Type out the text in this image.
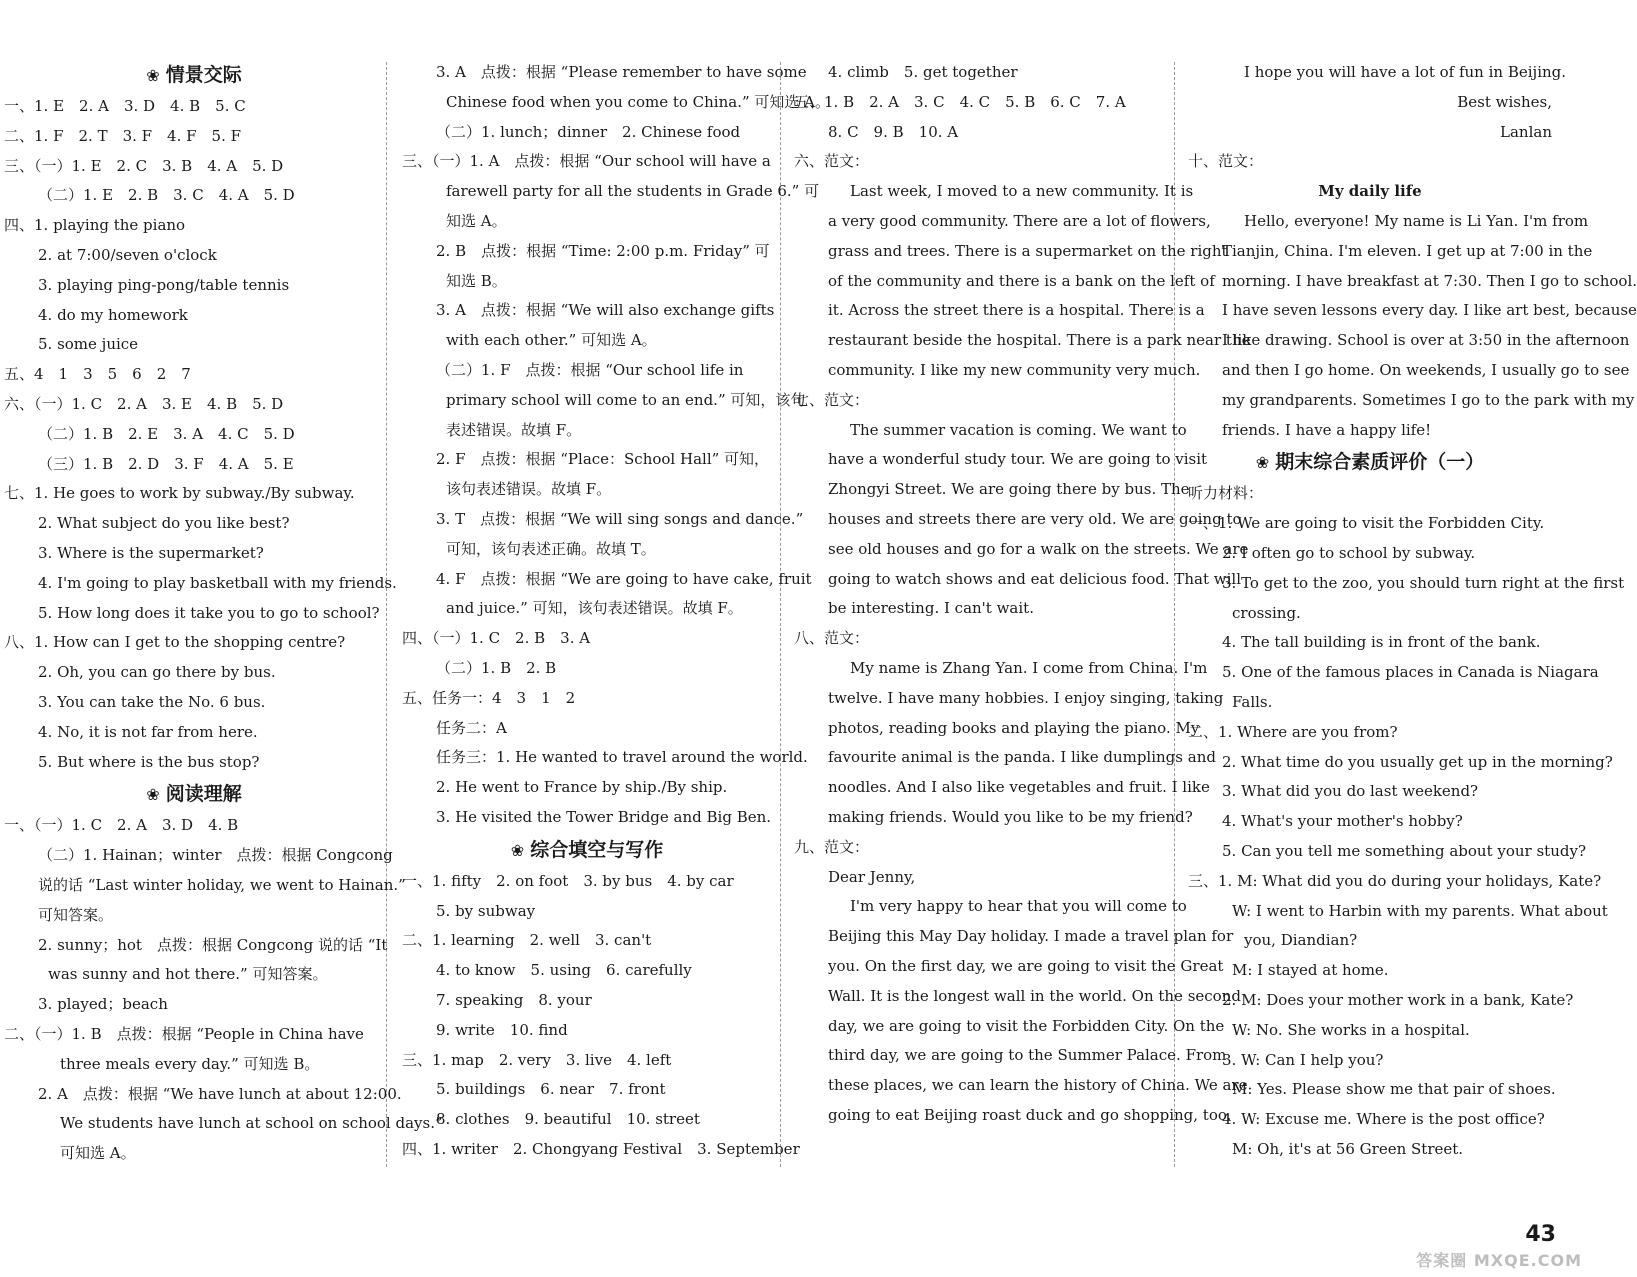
❀ 情景交际
一、1. E　2. A　3. D　4. B　5. C
二、1. F　2. T　3. F　4. F　5. F
三、（一）1. E　2. C　3. B　4. A　5. D
（二）1. E　2. B　3. C　4. A　5. D
四、1. playing the piano
2. at 7:00/seven o'clock
3. playing ping-pong/table tennis
4. do my homework
5. some juice
五、4　1　3　5　6　2　7
六、（一）1. C　2. A　3. E　4. B　5. D
（二）1. B　2. E　3. A　4. C　5. D
（三）1. B　2. D　3. F　4. A　5. E
七、1. He goes to work by subway./By subway.
2. What subject do you like best?
3. Where is the supermarket?
4. I'm going to play basketball with my friends.
5. How long does it take you to go to school?
八、1. How can I get to the shopping centre?
2. Oh, you can go there by bus.
3. You can take the No. 6 bus.
4. No, it is not far from here.
5. But where is the bus stop?
❀ 阅读理解
一、（一）1. C　2. A　3. D　4. B
（二）1. Hainan；winter　点拨：根据 Congcong
说的话 “Last winter holiday, we went to Hainan.”
可知答案。
2. sunny；hot　点拨：根据 Congcong 说的话 “It
was sunny and hot there.” 可知答案。
3. played；beach
二、（一）1. B　点拨：根据 “People in China have
three meals every day.” 可知选 B。
2. A　点拨：根据 “We have lunch at about 12:00.
We students have lunch at school on school days.”
可知选 A。
3. A　点拨：根据 “Please remember to have some
Chinese food when you come to China.” 可知选 A。
（二）1. lunch；dinner　2. Chinese food
三、（一）1. A　点拨：根据 “Our school will have a
farewell party for all the students in Grade 6.” 可
知选 A。
2. B　点拨：根据 “Time: 2:00 p.m. Friday” 可
知选 B。
3. A　点拨：根据 “We will also exchange gifts
with each other.” 可知选 A。
（二）1. F　点拨：根据 “Our school life in
primary school will come to an end.” 可知，该句
表述错误。故填 F。
2. F　点拨：根据 “Place：School Hall” 可知，
该句表述错误。故填 F。
3. T　点拨：根据 “We will sing songs and dance.”
可知，该句表述正确。故填 T。
4. F　点拨：根据 “We are going to have cake, fruit
and juice.” 可知，该句表述错误。故填 F。
四、（一）1. C　2. B　3. A
（二）1. B　2. B
五、任务一：4　3　1　2
任务二：A
任务三：1. He wanted to travel around the world.
2. He went to France by ship./By ship.
3. He visited the Tower Bridge and Big Ben.
❀ 综合填空与写作
一、1. fifty　2. on foot　3. by bus　4. by car
5. by subway
二、1. learning　2. well　3. can't
4. to know　5. using　6. carefully
7. speaking　8. your
9. write　10. find
三、1. map　2. very　3. live　4. left
5. buildings　6. near　7. front
8. clothes　9. beautiful　10. street
四、1. writer　2. Chongyang Festival　3. September
4. climb　5. get together
五、1. B　2. A　3. C　4. C　5. B　6. C　7. A
8. C　9. B　10. A
六、范文：
Last week, I moved to a new community. It is
a very good community. There are a lot of flowers,
grass and trees. There is a supermarket on the right
of the community and there is a bank on the left of
it. Across the street there is a hospital. There is a
restaurant beside the hospital. There is a park near the
community. I like my new community very much.
七、范文：
The summer vacation is coming. We want to
have a wonderful study tour. We are going to visit
Zhongyi Street. We are going there by bus. The
houses and streets there are very old. We are going to
see old houses and go for a walk on the streets. We are
going to watch shows and eat delicious food. That will
be interesting. I can't wait.
八、范文：
My name is Zhang Yan. I come from China. I'm
twelve. I have many hobbies. I enjoy singing, taking
photos, reading books and playing the piano. My
favourite animal is the panda. I like dumplings and
noodles. And I also like vegetables and fruit. I like
making friends. Would you like to be my friend?
九、范文：
Dear Jenny,
I'm very happy to hear that you will come to
Beijing this May Day holiday. I made a travel plan for
you. On the first day, we are going to visit the Great
Wall. It is the longest wall in the world. On the second
day, we are going to visit the Forbidden City. On the
third day, we are going to the Summer Palace. From
these places, we can learn the history of China. We are
going to eat Beijing roast duck and go shopping, too.
I hope you will have a lot of fun in Beijing.
Best wishes,
Lanlan
十、范文：
My daily life
Hello, everyone! My name is Li Yan. I'm from
Tianjin, China. I'm eleven. I get up at 7:00 in the
morning. I have breakfast at 7:30. Then I go to school.
I have seven lessons every day. I like art best, because
I like drawing. School is over at 3:50 in the afternoon
and then I go home. On weekends, I usually go to see
my grandparents. Sometimes I go to the park with my
friends. I have a happy life!
❀ 期末综合素质评价（一）
听力材料：
一、1. We are going to visit the Forbidden City.
2. I often go to school by subway.
3. To get to the zoo, you should turn right at the first
crossing.
4. The tall building is in front of the bank.
5. One of the famous places in Canada is Niagara
Falls.
二、1. Where are you from?
2. What time do you usually get up in the morning?
3. What did you do last weekend?
4. What's your mother's hobby?
5. Can you tell me something about your study?
三、1. M: What did you do during your holidays, Kate?
W: I went to Harbin with my parents. What about
you, Diandian?
M: I stayed at home.
2. M: Does your mother work in a bank, Kate?
W: No. She works in a hospital.
3. W: Can I help you?
M: Yes. Please show me that pair of shoes.
4. W: Excuse me. Where is the post office?
M: Oh, it's at 56 Green Street.
43
答案圈 MXQE.COM
